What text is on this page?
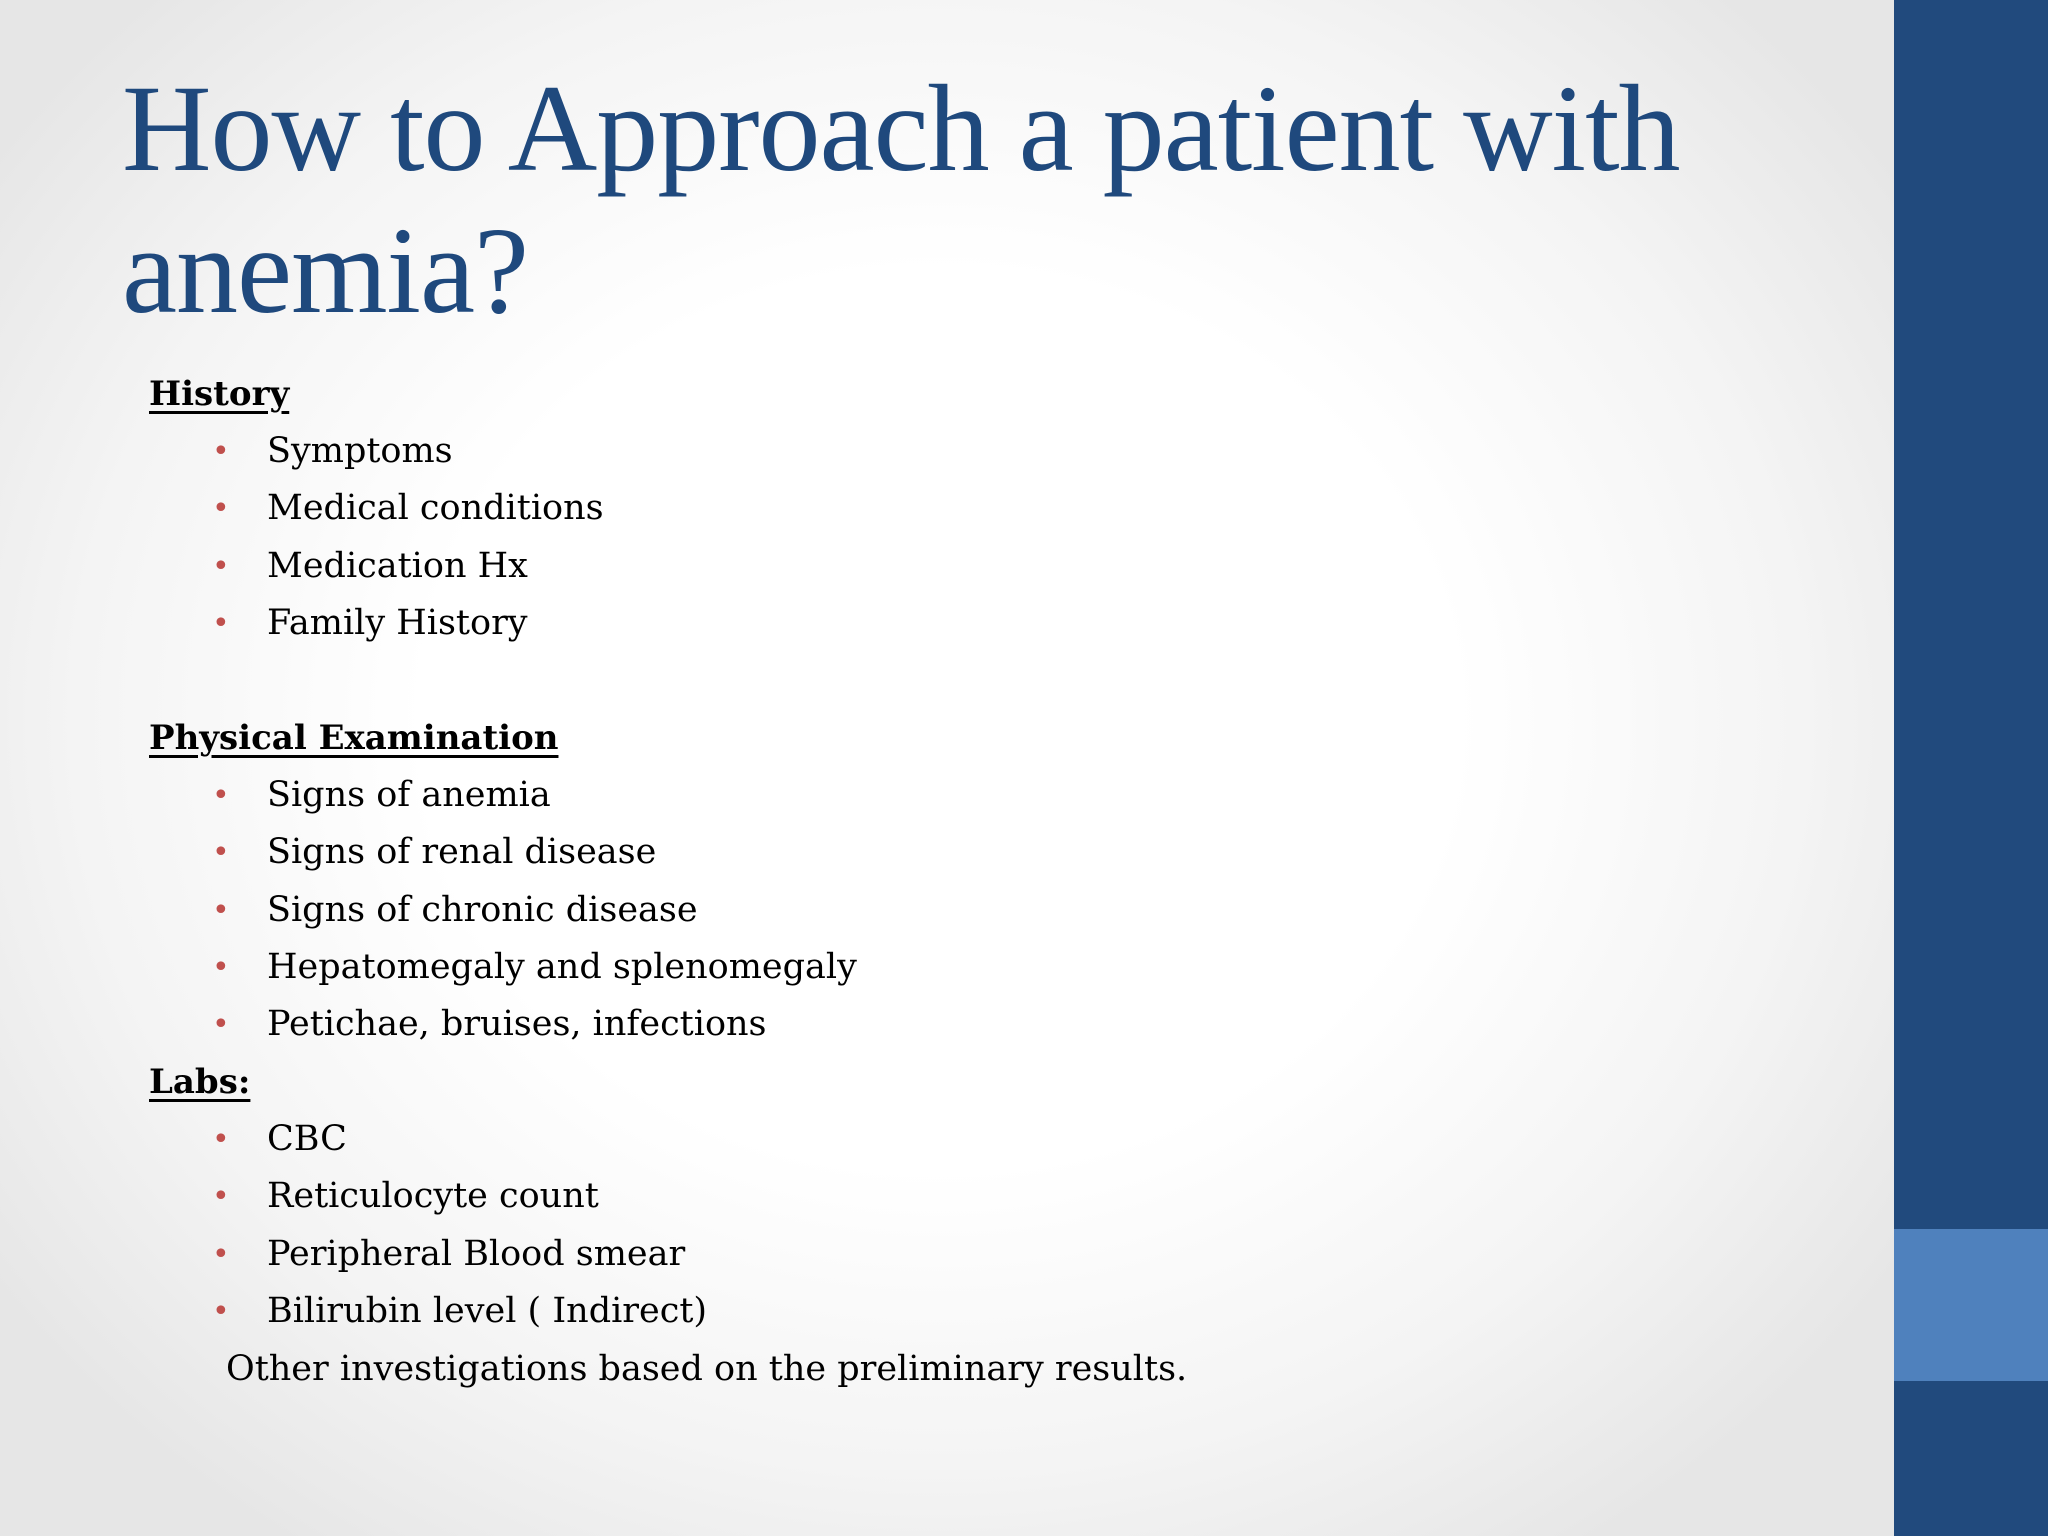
How to Approach a patient with anemia?

History

• Symptoms
• Medical conditions
• Medication Hx
• Family History

Physical Examination

• Signs of anemia
• Signs of renal disease
• Signs of chronic disease
• Hepatomegaly and splenomegaly
• Petichae, bruises, infections

Labs:

• CBC
• Reticulocyte count
• Peripheral Blood smear
• Bilirubin level ( Indirect)

Other investigations based on the preliminary results.
